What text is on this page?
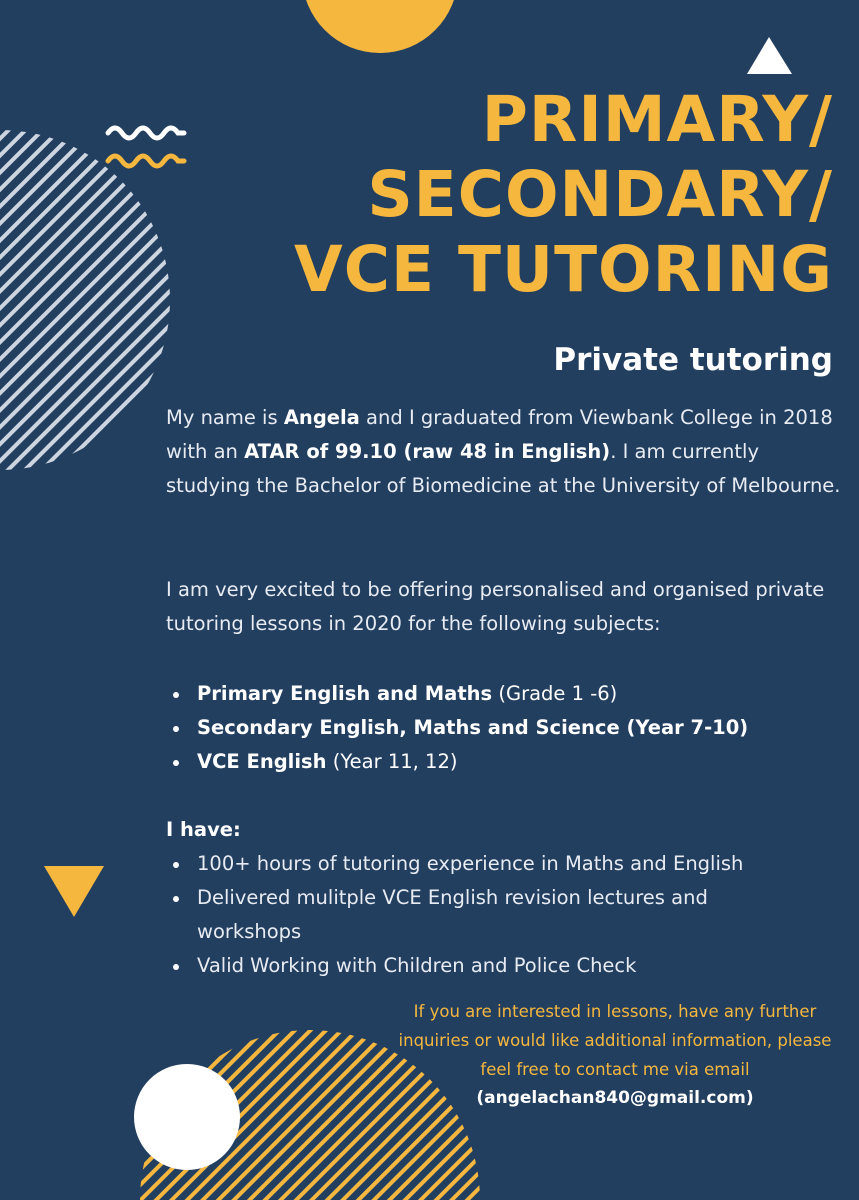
PRIMARY/
SECONDARY/
VCE TUTORING
Private tutoring
My name is Angela and I graduated from Viewbank College in 2018 with an ATAR of 99.10 (raw 48 in English). I am currently studying the Bachelor of Biomedicine at the University of Melbourne.
I am very excited to be offering personalised and organised private tutoring lessons in 2020 for the following subjects:
Primary English and Maths (Grade 1 -6)
Secondary English, Maths and Science (Year 7-10)
VCE English (Year 11, 12)
I have:
100+ hours of tutoring experience in Maths and English
Delivered mulitple VCE English revision lectures and workshops
Valid Working with Children and Police Check
If you are interested in lessons, have any further inquiries or would like additional information, please feel free to contact me via email
(angelachan840@gmail.com)
